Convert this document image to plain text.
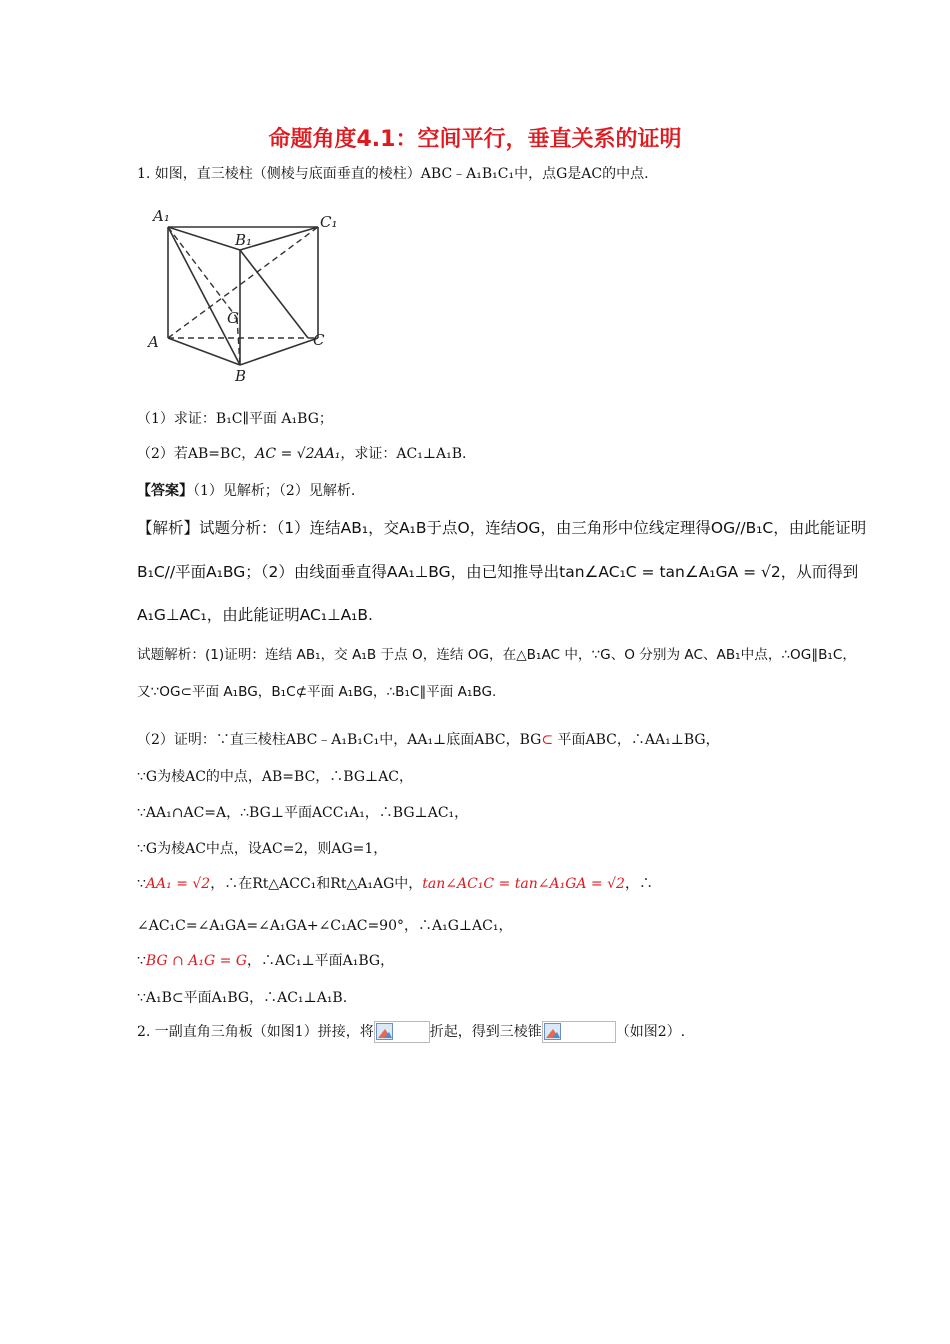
命题角度4.1：空间平行，垂直关系的证明
1. 如图，直三棱柱（侧棱与底面垂直的棱柱）ABC﹣A₁B₁C₁中，点G是AC的中点.
A₁
B₁
C₁
G
A	C
B
（1）求证：B₁C∥平面 A₁BG；
（2）若AB=BC，AC = √2AA₁，求证：AC₁⊥A₁B.
【答案】（1）见解析；（2）见解析.
【解析】试题分析：（1）连结AB₁，交A₁B于点O，连结OG，由三角形中位线定理得OG//B₁C，由此能证明
B₁C//平面A₁BG；（2）由线面垂直得AA₁⊥BG，由已知推导出tan∠AC₁C = tan∠A₁GA = √2，从而得到
A₁G⊥AC₁，由此能证明AC₁⊥A₁B.
试题解析：(1)证明：连结 AB₁，交 A₁B 于点 O，连结 OG，在△B₁AC 中，∵G、O 分别为 AC、AB₁中点，∴OG∥B₁C，
又∵OG⊂平面 A₁BG，B₁C⊄平面 A₁BG，∴B₁C∥平面 A₁BG.
（2）证明：∵直三棱柱ABC﹣A₁B₁C₁中，AA₁⊥底面ABC，BG⊂ 平面ABC，∴AA₁⊥BG，
∵G为棱AC的中点，AB=BC，∴BG⊥AC，
∵AA₁∩AC=A，∴BG⊥平面ACC₁A₁，∴BG⊥AC₁，
∵G为棱AC中点，设AC=2，则AG=1，
∵AA₁ = √2，∴在Rt△ACC₁和Rt△A₁AG中，tan∠AC₁C = tan∠A₁GA = √2，∴
∠AC₁C=∠A₁GA=∠A₁GA+∠C₁AC=90°，∴A₁G⊥AC₁，
∵BG ∩ A₁G = G，∴AC₁⊥平面A₁BG，
∵A₁B⊂平面A₁BG，∴AC₁⊥A₁B.
2. 一副直角三角板（如图1）拼接，将	折起，得到三棱锥	（如图2）.
